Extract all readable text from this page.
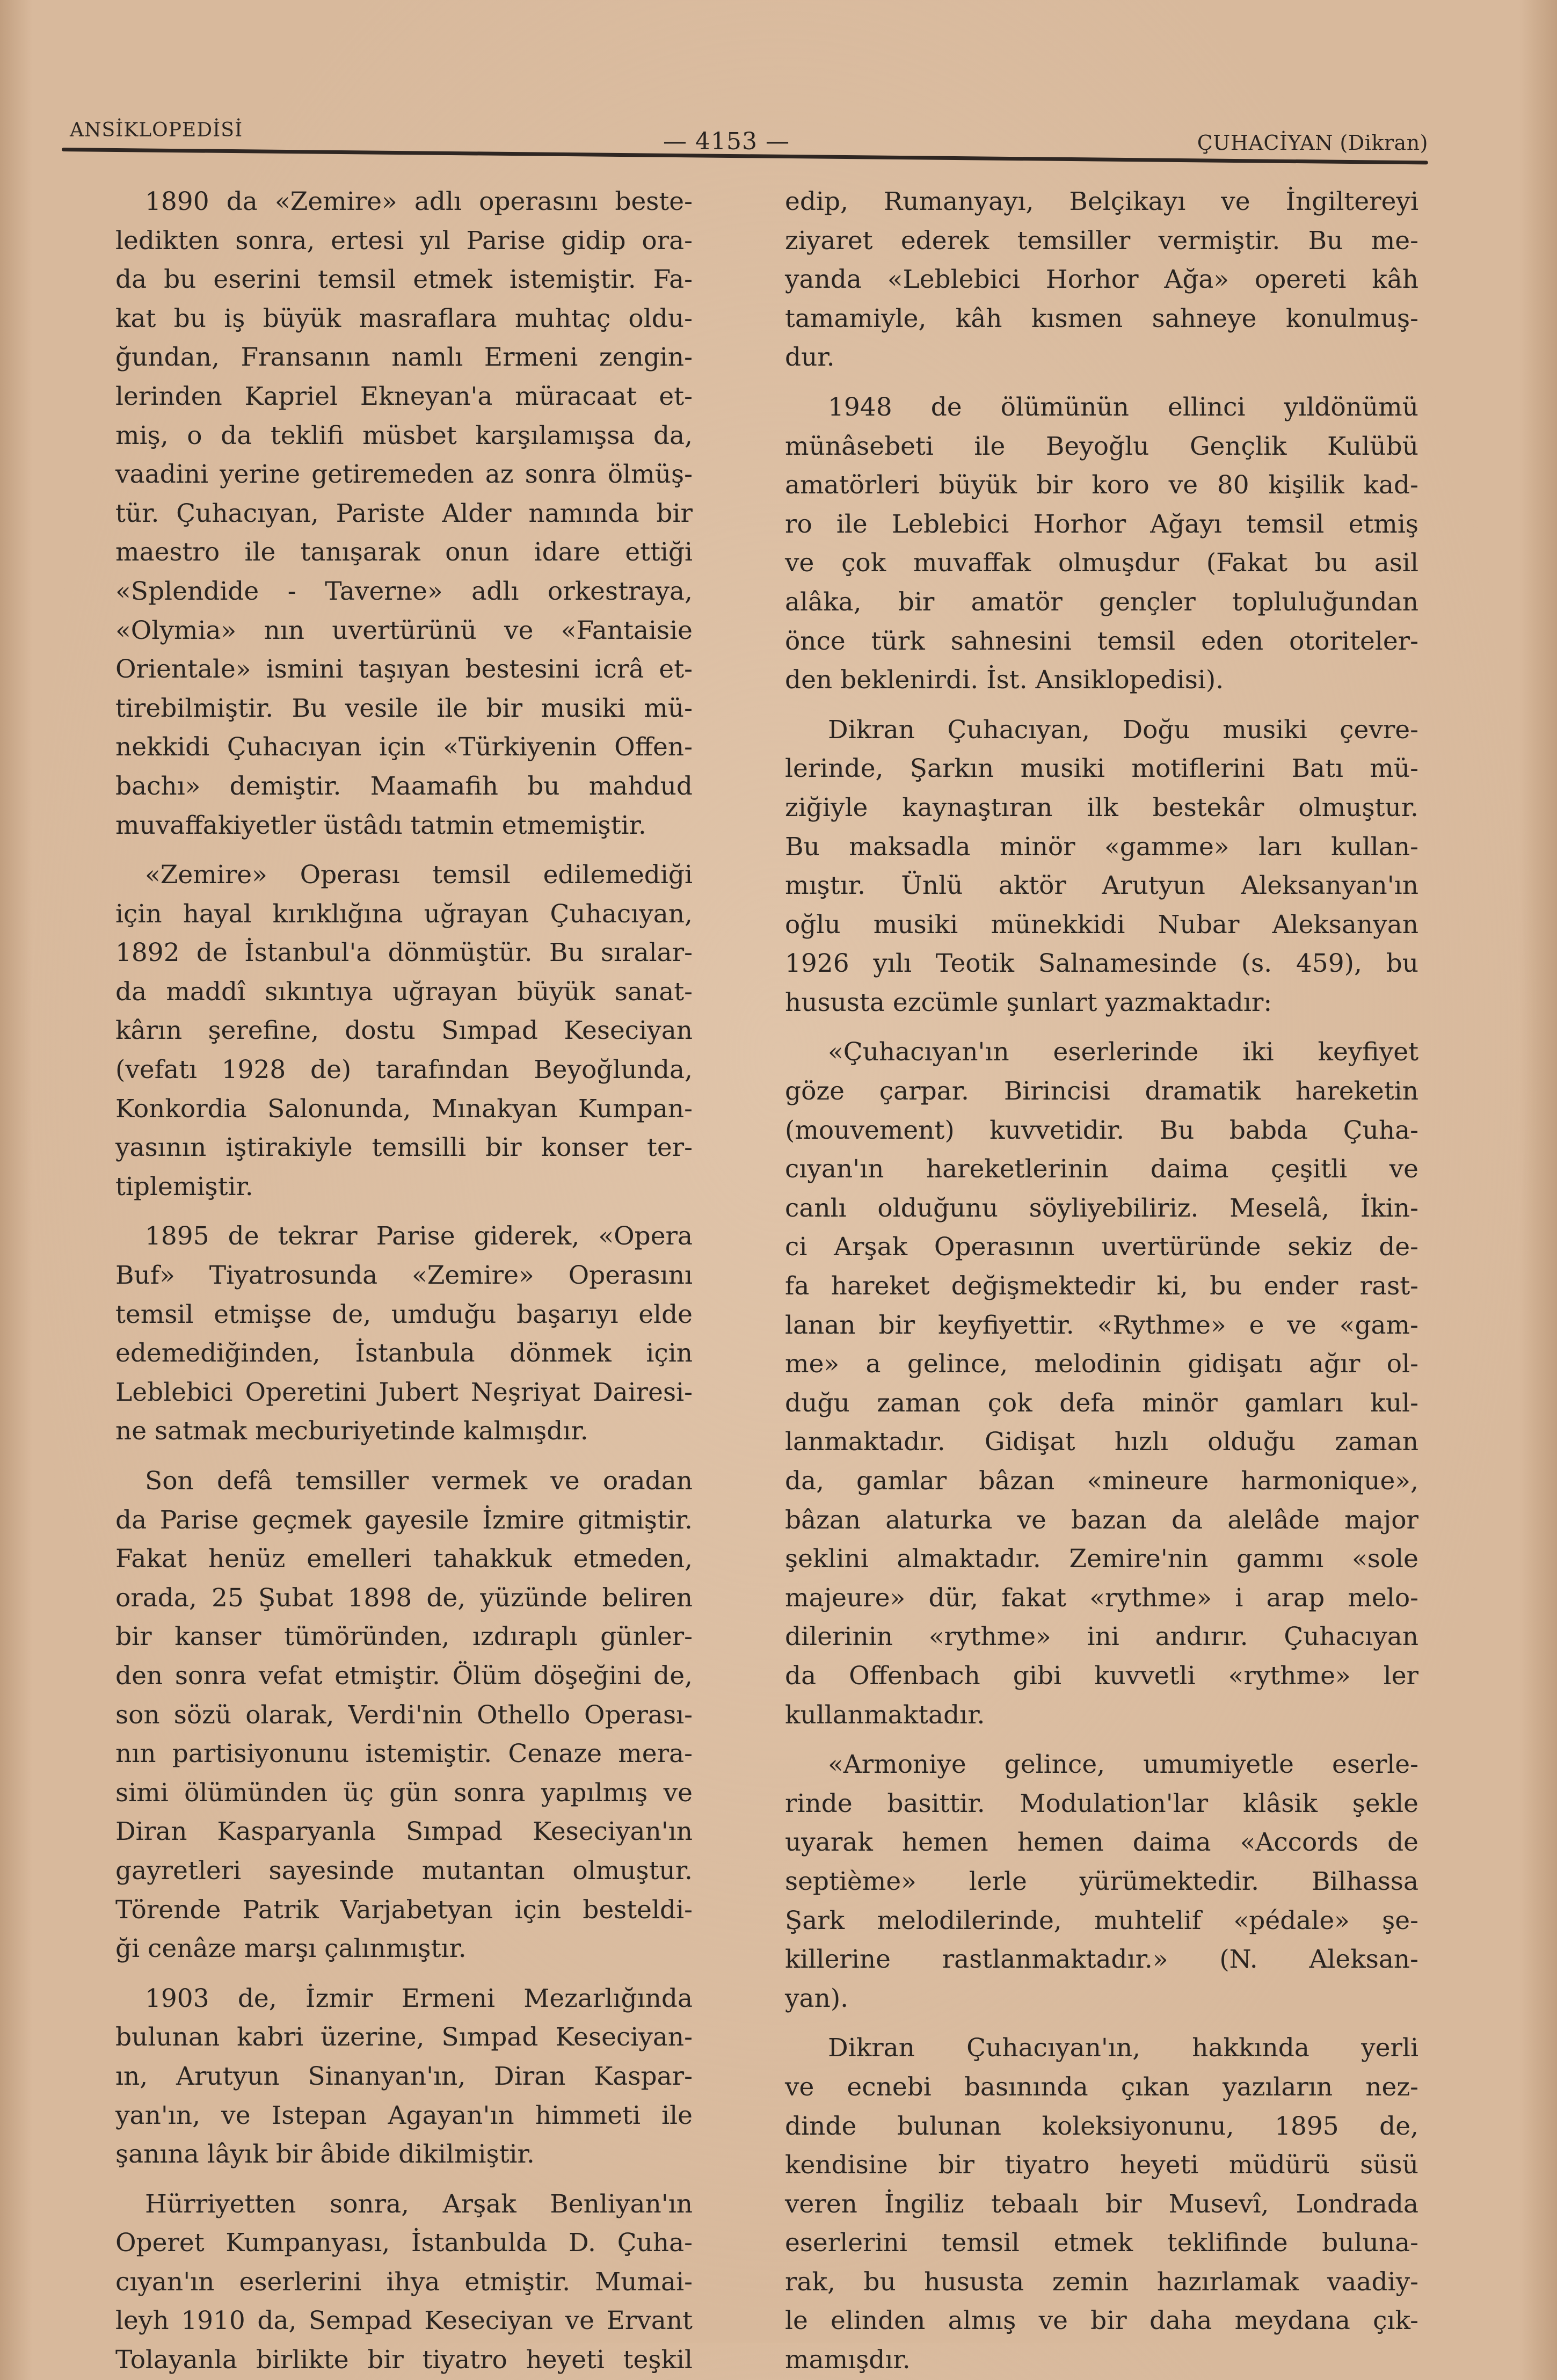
ANSİKLOPEDİSİ	— 4153 —	ÇUHACİYAN (Dikran)
1890 da «Zemire» adlı operasını beste-
ledikten sonra, ertesi yıl Parise gidip ora-
da bu eserini temsil etmek istemiştir. Fa-
kat bu iş büyük masraflara muhtaç oldu-
ğundan, Fransanın namlı Ermeni zengin-
lerinden Kapriel Ekneyan'a müracaat et-
miş, o da teklifi müsbet karşılamışsa da,
vaadini yerine getiremeden az sonra ölmüş-
tür. Çuhacıyan, Pariste Alder namında bir
maestro ile tanışarak onun idare ettiği
«Splendide - Taverne» adlı orkestraya,
«Olymia» nın uvertürünü ve «Fantaisie
Orientale» ismini taşıyan bestesini icrâ et-
tirebilmiştir. Bu vesile ile bir musiki mü-
nekkidi Çuhacıyan için «Türkiyenin Offen-
bachı» demiştir. Maamafih bu mahdud
muvaffakiyetler üstâdı tatmin etmemiştir.
«Zemire» Operası temsil edilemediği
için hayal kırıklığına uğrayan Çuhacıyan,
1892 de İstanbul'a dönmüştür. Bu sıralar-
da maddî sıkıntıya uğrayan büyük sanat-
kârın şerefine, dostu Sımpad Keseciyan
(vefatı 1928 de) tarafından Beyoğlunda,
Konkordia Salonunda, Mınakyan Kumpan-
yasının iştirakiyle temsilli bir konser ter-
tiplemiştir.
1895 de tekrar Parise giderek, «Opera
Buf» Tiyatrosunda «Zemire» Operasını
temsil etmişse de, umduğu başarıyı elde
edemediğinden, İstanbula dönmek için
Leblebici Operetini Jubert Neşriyat Dairesi-
ne satmak mecburiyetinde kalmışdır.
Son defâ temsiller vermek ve oradan
da Parise geçmek gayesile İzmire gitmiştir.
Fakat henüz emelleri tahakkuk etmeden,
orada, 25 Şubat 1898 de, yüzünde beliren
bir kanser tümöründen, ızdıraplı günler-
den sonra vefat etmiştir. Ölüm döşeğini de,
son sözü olarak, Verdi'nin Othello Operası-
nın partisiyonunu istemiştir. Cenaze mera-
simi ölümünden üç gün sonra yapılmış ve
Diran Kasparyanla Sımpad Keseciyan'ın
gayretleri sayesinde mutantan olmuştur.
Törende Patrik Varjabetyan için besteldi-
ği cenâze marşı çalınmıştır.
1903 de, İzmir Ermeni Mezarlığında
bulunan kabri üzerine, Sımpad Keseciyan-
ın, Arutyun Sinanyan'ın, Diran Kaspar-
yan'ın, ve Istepan Agayan'ın himmeti ile
şanına lâyık bir âbide dikilmiştir.
Hürriyetten sonra, Arşak Benliyan'ın
Operet Kumpanyası, İstanbulda D. Çuha-
cıyan'ın eserlerini ihya etmiştir. Mumai-
leyh 1910 da, Sempad Keseciyan ve Ervant
Tolayanla birlikte bir tiyatro heyeti teşkil
edip, Rumanyayı, Belçikayı ve İngiltereyi
ziyaret ederek temsiller vermiştir. Bu me-
yanda «Leblebici Horhor Ağa» opereti kâh
tamamiyle, kâh kısmen sahneye konulmuş-
dur.
1948 de ölümünün ellinci yıldönümü
münâsebeti ile Beyoğlu Gençlik Kulübü
amatörleri büyük bir koro ve 80 kişilik kad-
ro ile Leblebici Horhor Ağayı temsil etmiş
ve çok muvaffak olmuşdur (Fakat bu asil
alâka, bir amatör gençler topluluğundan
önce türk sahnesini temsil eden otoriteler-
den beklenirdi. İst. Ansiklopedisi).
Dikran Çuhacıyan, Doğu musiki çevre-
lerinde, Şarkın musiki motiflerini Batı mü-
ziğiyle kaynaştıran ilk bestekâr olmuştur.
Bu maksadla minör «gamme» ları kullan-
mıştır. Ünlü aktör Arutyun Aleksanyan'ın
oğlu musiki münekkidi Nubar Aleksanyan
1926 yılı Teotik Salnamesinde (s. 459), bu
hususta ezcümle şunlart yazmaktadır:
«Çuhacıyan'ın eserlerinde iki keyfiyet
göze çarpar. Birincisi dramatik hareketin
(mouvement) kuvvetidir. Bu babda Çuha-
cıyan'ın hareketlerinin daima çeşitli ve
canlı olduğunu söyliyebiliriz. Meselâ, İkin-
ci Arşak Operasının uvertüründe sekiz de-
fa hareket değişmektedir ki, bu ender rast-
lanan bir keyfiyettir. «Rythme» e ve «gam-
me» a gelince, melodinin gidişatı ağır ol-
duğu zaman çok defa minör gamları kul-
lanmaktadır. Gidişat hızlı olduğu zaman
da, gamlar bâzan «mineure harmonique»,
bâzan alaturka ve bazan da alelâde major
şeklini almaktadır. Zemire'nin gammı «sole
majeure» dür, fakat «rythme» i arap melo-
dilerinin «rythme» ini andırır. Çuhacıyan
da Offenbach gibi kuvvetli «rythme» ler
kullanmaktadır.
«Armoniye gelince, umumiyetle eserle-
rinde basittir. Modulation'lar klâsik şekle
uyarak hemen hemen daima «Accords de
septième» lerle yürümektedir. Bilhassa
Şark melodilerinde, muhtelif «pédale» şe-
killerine rastlanmaktadır.» (N. Aleksan-
yan).
Dikran Çuhacıyan'ın, hakkında yerli
ve ecnebi basınında çıkan yazıların nez-
dinde bulunan koleksiyonunu, 1895 de,
kendisine bir tiyatro heyeti müdürü süsü
veren İngiliz tebaalı bir Musevî, Londrada
eserlerini temsil etmek teklifinde buluna-
rak, bu hususta zemin hazırlamak vaadiy-
le elinden almış ve bir daha meydana çık-
mamışdır.
